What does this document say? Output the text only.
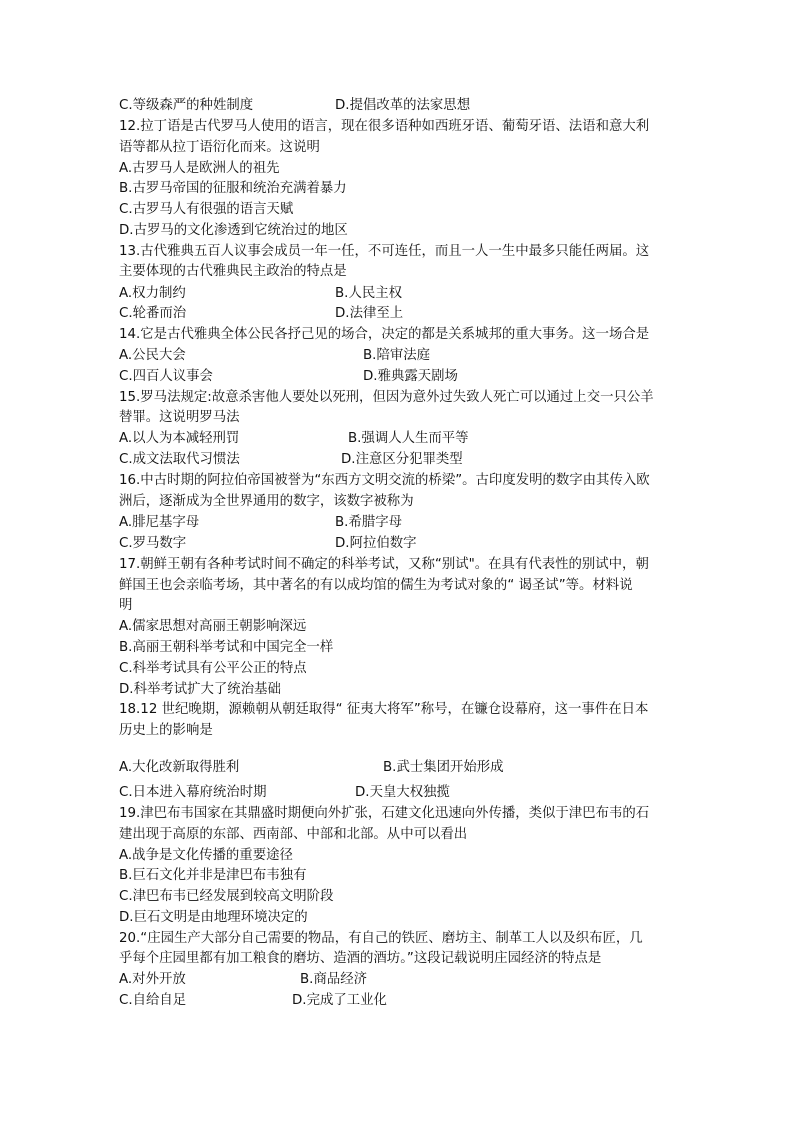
C.等级森严的种姓制度	D.提倡改革的法家思想
12.拉丁语是古代罗马人使用的语言，现在很多语种如西班牙语、葡萄牙语、法语和意大利
语等都从拉丁语衍化而来。这说明
A.古罗马人是欧洲人的祖先
B.古罗马帝国的征服和统治充满着暴力
C.古罗马人有很强的语言天赋
D.古罗马的文化渗透到它统治过的地区
13.古代雅典五百人议事会成员一年一任，不可连任，而且一人一生中最多只能任两届。这
主要体现的古代雅典民主政治的特点是
A.权力制约	B.人民主权
C.轮番而治	D.法律至上
14.它是古代雅典全体公民各抒己见的场合，决定的都是关系城邦的重大事务。这一场合是
A.公民大会	B.陪审法庭
C.四百人议事会	D.雅典露天剧场
15.罗马法规定:故意杀害他人要处以死刑，但因为意外过失致人死亡可以通过上交一只公羊
替罪。这说明罗马法
A.以人为本减轻刑罚	B.强调人人生而平等
C.成文法取代习惯法	D.注意区分犯罪类型
16.中古时期的阿拉伯帝国被誉为“东西方文明交流的桥梁”。古印度发明的数字由其传入欧
洲后，逐渐成为全世界通用的数字，该数字被称为
A.腓尼基字母	B.希腊字母
C.罗马数字	D.阿拉伯数字
17.朝鲜王朝有各种考试时间不确定的科举考试，又称“别试"。在具有代表性的别试中，朝
鲜国王也会亲临考场，其中著名的有以成均馆的儒生为考试对象的“ 谒圣试”等。材料说
明
A.儒家思想对高丽王朝影响深远
B.高丽王朝科举考试和中国完全一样
C.科举考试具有公平公正的特点
D.科举考试扩大了统治基础
18.12 世纪晚期，源赖朝从朝廷取得“ 征夷大将军”称号，在镰仓设幕府，这一事件在日本
历史上的影响是
A.大化改新取得胜利	B.武士集团开始形成
C.日本进入幕府统治时期	D.天皇大权独揽
19.津巴布韦国家在其鼎盛时期便向外扩张，石建文化迅速向外传播，类似于津巴布韦的石
建出现于高原的东部、西南部、中部和北部。从中可以看出
A.战争是文化传播的重要途径
B.巨石文化并非是津巴布韦独有
C.津巴布韦已经发展到较高文明阶段
D.巨石文明是由地理环境决定的
20.“庄园生产大部分自己需要的物品，有自己的铁匠、磨坊主、制革工人以及织布匠，几
乎每个庄园里都有加工粮食的磨坊、造酒的酒坊。”这段记载说明庄园经济的特点是
A.对外开放	B.商品经济
C.自给自足	D.完成了工业化
